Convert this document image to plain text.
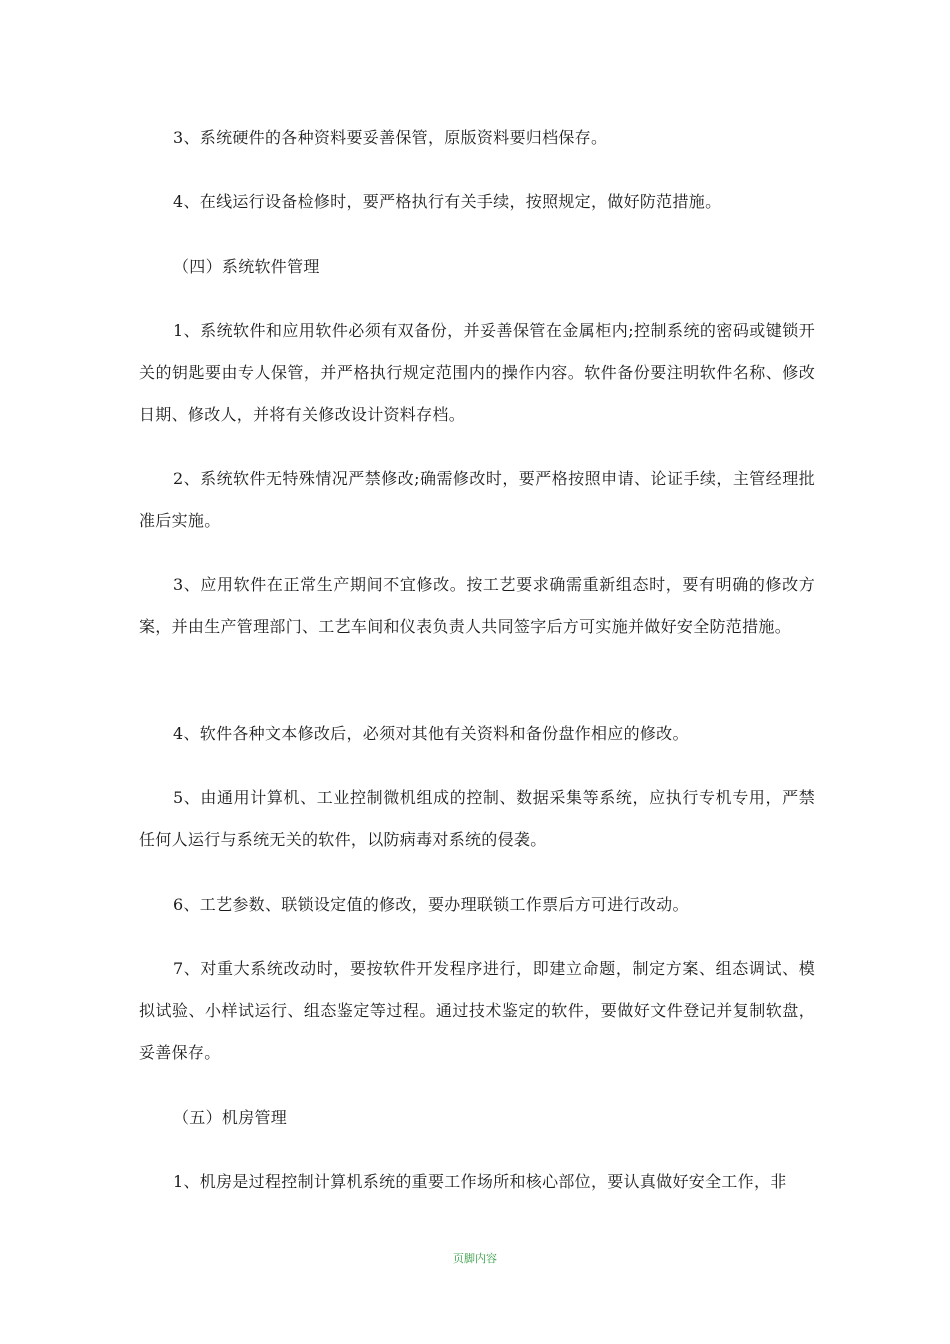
3、系统硬件的各种资料要妥善保管，原版资料要归档保存。

4、在线运行设备检修时，要严格执行有关手续，按照规定，做好防范措施。

（四）系统软件管理

1、系统软件和应用软件必须有双备份，并妥善保管在金属柜内;控制系统的密码或键锁开关的钥匙要由专人保管，并严格执行规定范围内的操作内容。软件备份要注明软件名称、修改日期、修改人，并将有关修改设计资料存档。

2、系统软件无特殊情况严禁修改;确需修改时，要严格按照申请、论证手续，主管经理批准后实施。

3、应用软件在正常生产期间不宜修改。按工艺要求确需重新组态时，要有明确的修改方案，并由生产管理部门、工艺车间和仪表负责人共同签字后方可实施并做好安全防范措施。

4、软件各种文本修改后，必须对其他有关资料和备份盘作相应的修改。

5、由通用计算机、工业控制微机组成的控制、数据采集等系统，应执行专机专用，严禁任何人运行与系统无关的软件，以防病毒对系统的侵袭。

6、工艺参数、联锁设定值的修改，要办理联锁工作票后方可进行改动。

7、对重大系统改动时，要按软件开发程序进行，即建立命题，制定方案、组态调试、模拟试验、小样试运行、组态鉴定等过程。通过技术鉴定的软件，要做好文件登记并复制软盘，妥善保存。

（五）机房管理

1、机房是过程控制计算机系统的重要工作场所和核心部位，要认真做好安全工作，非

页脚内容
